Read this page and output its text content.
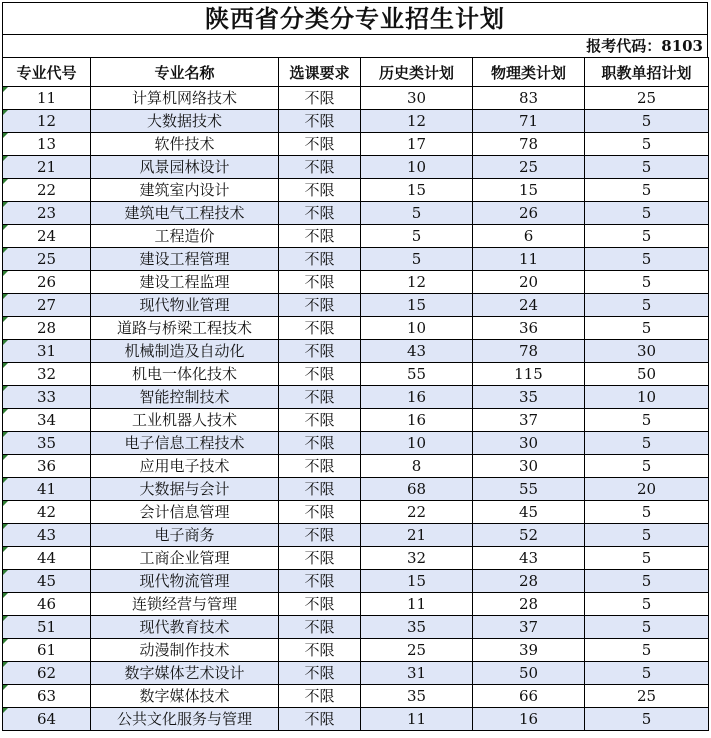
陕西省分类分专业招生计划
报考代码：8103
专业代号	专业名称	选课要求	历史类计划	物理类计划	职教单招计划
11	计算机网络技术	不限	30	83	25
12	大数据技术	不限	12	71	5
13	软件技术	不限	17	78	5
21	风景园林设计	不限	10	25	5
22	建筑室内设计	不限	15	15	5
23	建筑电气工程技术	不限	5	26	5
24	工程造价	不限	5	6	5
25	建设工程管理	不限	5	11	5
26	建设工程监理	不限	12	20	5
27	现代物业管理	不限	15	24	5
28	道路与桥梁工程技术	不限	10	36	5
31	机械制造及自动化	不限	43	78	30
32	机电一体化技术	不限	55	115	50
33	智能控制技术	不限	16	35	10
34	工业机器人技术	不限	16	37	5
35	电子信息工程技术	不限	10	30	5
36	应用电子技术	不限	8	30	5
41	大数据与会计	不限	68	55	20
42	会计信息管理	不限	22	45	5
43	电子商务	不限	21	52	5
44	工商企业管理	不限	32	43	5
45	现代物流管理	不限	15	28	5
46	连锁经营与管理	不限	11	28	5
51	现代教育技术	不限	35	37	5
61	动漫制作技术	不限	25	39	5
62	数字媒体艺术设计	不限	31	50	5
63	数字媒体技术	不限	35	66	25
64	公共文化服务与管理	不限	11	16	5
